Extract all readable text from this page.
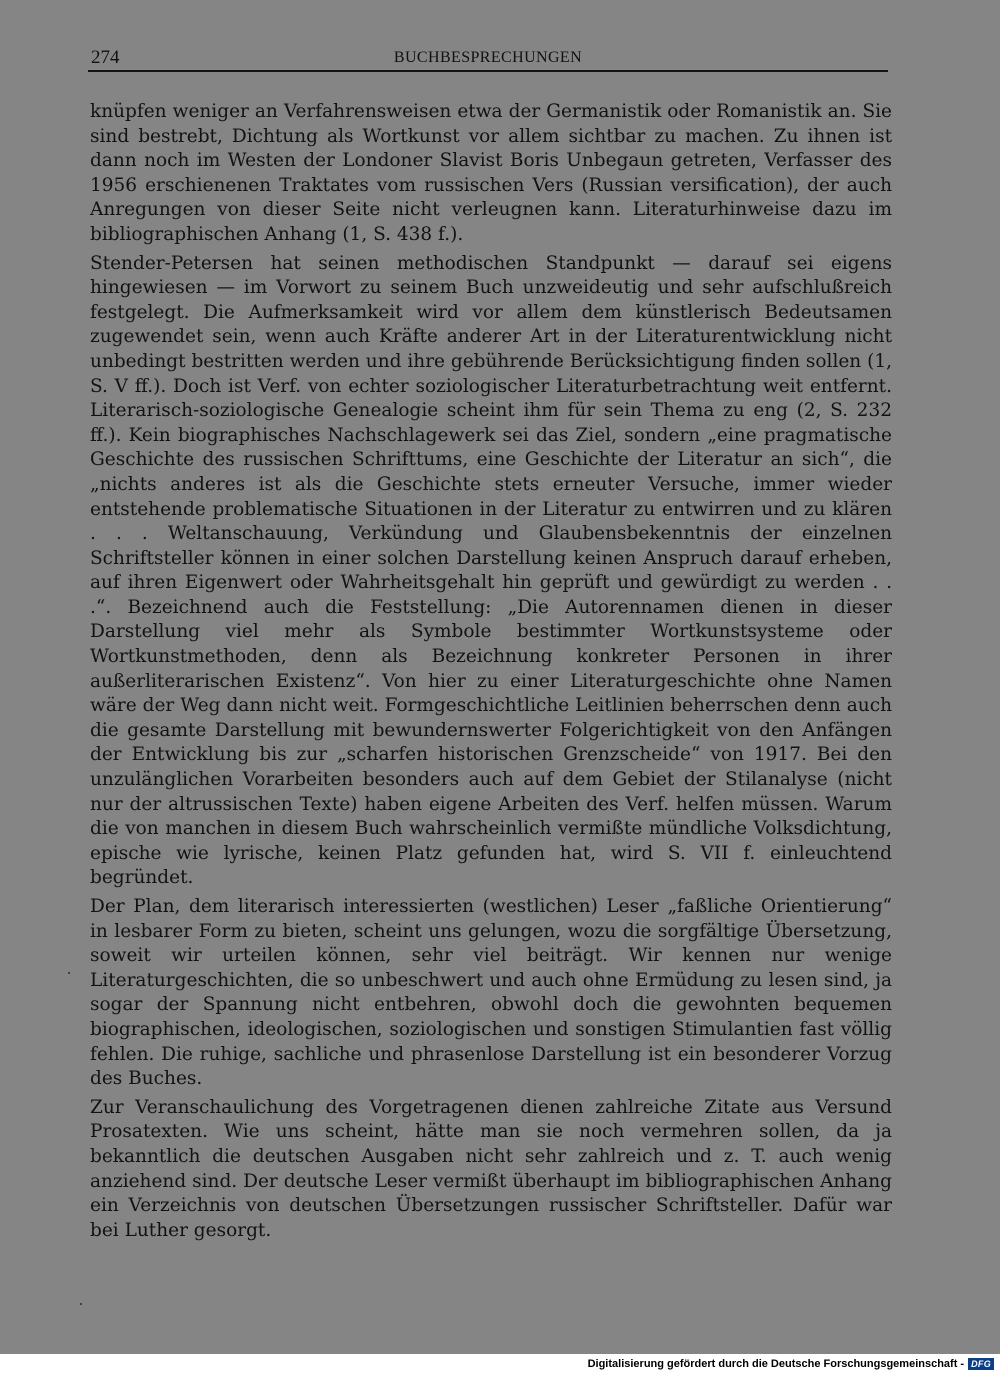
274	BUCHBESPRECHUNGEN

knüpfen weniger an Verfahrensweisen etwa der Germanistik oder Romanistik an. Sie sind bestrebt, Dichtung als Wortkunst vor allem sichtbar zu machen. Zu ihnen ist dann noch im Westen der Londoner Slavist Boris Unbegaun getreten, Verfasser des 1956 erschienenen Traktates vom russischen Vers (Russian versification), der auch Anregungen von dieser Seite nicht verleugnen kann. Literaturhinweise dazu im bibliographischen Anhang (1, S. 438 f.).

Stender-Petersen hat seinen methodischen Standpunkt — darauf sei eigens hingewiesen — im Vorwort zu seinem Buch unzweideutig und sehr aufschlußreich festgelegt. Die Aufmerksamkeit wird vor allem dem künstlerisch Bedeutsamen zugewendet sein, wenn auch Kräfte anderer Art in der Literaturentwicklung nicht unbedingt bestritten werden und ihre gebührende Berücksichtigung finden sollen (1, S. V ff.). Doch ist Verf. von echter soziologischer Literaturbetrachtung weit entfernt. Literarisch-soziologische Genealogie scheint ihm für sein Thema zu eng (2, S. 232 ff.). Kein biographisches Nachschlagewerk sei das Ziel, sondern „eine pragmatische Geschichte des russischen Schrifttums, eine Geschichte der Literatur an sich“, die „nichts anderes ist als die Geschichte stets erneuter Versuche, immer wieder entstehende problematische Situationen in der Literatur zu entwirren und zu klären . . . Weltanschauung, Verkündung und Glaubensbekenntnis der einzelnen Schriftsteller können in einer solchen Darstellung keinen Anspruch darauf erheben, auf ihren Eigenwert oder Wahrheitsgehalt hin geprüft und gewürdigt zu werden . . .“. Bezeichnend auch die Feststellung: „Die Autorennamen dienen in dieser Darstellung viel mehr als Symbole bestimmter Wortkunstsysteme oder Wortkunstmethoden, denn als Bezeichnung konkreter Personen in ihrer außerliterarischen Existenz“. Von hier zu einer Literaturgeschichte ohne Namen wäre der Weg dann nicht weit. Formgeschichtliche Leitlinien beherrschen denn auch die gesamte Darstellung mit bewundernswerter Folgerichtigkeit von den Anfängen der Entwicklung bis zur „scharfen historischen Grenzscheide“ von 1917. Bei den unzulänglichen Vorarbeiten besonders auch auf dem Gebiet der Stilanalyse (nicht nur der altrussischen Texte) haben eigene Arbeiten des Verf. helfen müssen. Warum die von manchen in diesem Buch wahrscheinlich vermißte mündliche Volksdichtung, epische wie lyrische, keinen Platz gefunden hat, wird S. VII f. einleuchtend begründet.

Der Plan, dem literarisch interessierten (westlichen) Leser „faßliche Orientierung“ in lesbarer Form zu bieten, scheint uns gelungen, wozu die sorgfältige Übersetzung, soweit wir urteilen können, sehr viel beiträgt. Wir kennen nur wenige Literaturgeschichten, die so unbeschwert und auch ohne Ermüdung zu lesen sind, ja sogar der Spannung nicht entbehren, obwohl doch die gewohnten bequemen biographischen, ideologischen, soziologischen und sonstigen Stimulantien fast völlig fehlen. Die ruhige, sachliche und phrasenlose Darstellung ist ein besonderer Vorzug des Buches.

Zur Veranschaulichung des Vorgetragenen dienen zahlreiche Zitate aus Versund Prosatexten. Wie uns scheint, hätte man sie noch vermehren sollen, da ja bekanntlich die deutschen Ausgaben nicht sehr zahlreich und z. T. auch wenig anziehend sind. Der deutsche Leser vermißt überhaupt im bibliographischen Anhang ein Verzeichnis von deutschen Übersetzungen russischer Schriftsteller. Dafür war bei Luther gesorgt.

Digitalisierung gefördert durch die Deutsche Forschungsgemeinschaft - DFG
